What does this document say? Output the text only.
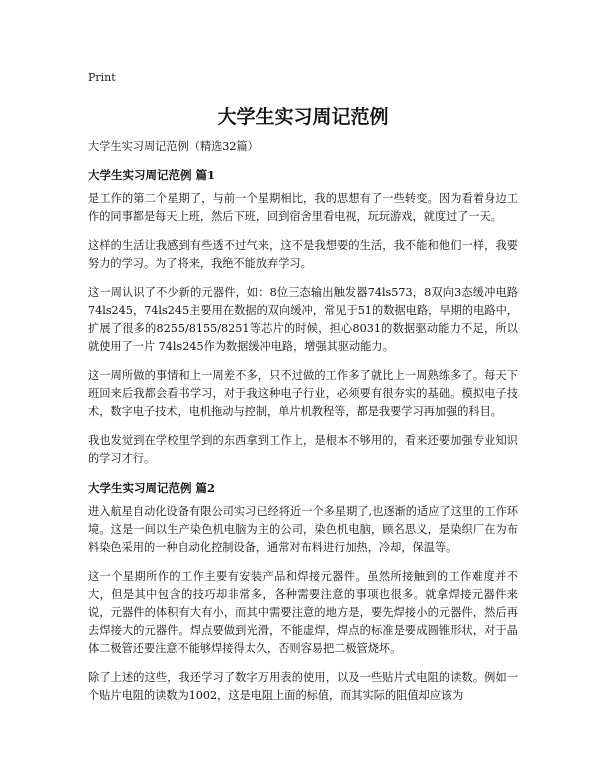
Print
大学生实习周记范例

大学生实习周记范例（精选32篇）

大学生实习周记范例 篇1

是工作的第二个星期了，与前一个星期相比，我的思想有了一些转变。因为看着身边工作的同事都是每天上班，然后下班，回到宿舍里看电视，玩玩游戏，就度过了一天。

这样的生活让我感到有些透不过气来，这不是我想要的生活，我不能和他们一样，我要努力的学习。为了将来，我绝不能放弃学习。

这一周认识了不少新的元器件，如：8位三态输出触发器74ls573，8双向3态缓冲电路74ls245，74ls245主要用在数据的双向缓冲，常见于51的数据电路，早期的电路中，扩展了很多的8255/8155/8251等芯片的时候，担心8031的数据驱动能力不足，所以就使用了一片 74ls245作为数据缓冲电路，增强其驱动能力。

这一周所做的事情和上一周差不多，只不过做的工作多了就比上一周熟练多了。每天下班回来后我都会看书学习，对于我这种电子行业，必须要有很夯实的基础。模拟电子技术，数字电子技术，电机拖动与控制，单片机教程等，都是我要学习再加强的科目。

我也发觉到在学校里学到的东西拿到工作上，是根本不够用的，看来还要加强专业知识的学习才行。

大学生实习周记范例 篇2

进入航星自动化设备有限公司实习已经将近一个多星期了,也逐渐的适应了这里的工作环境。这是一间以生产染色机电脑为主的公司，染色机电脑，顾名思义，是染织厂在为布料染色采用的一种自动化控制设备，通常对布料进行加热，冷却，保温等。

这一个星期所作的工作主要有安装产品和焊接元器件。虽然所接触到的工作难度并不大，但是其中包含的技巧却非常多，各种需要注意的事项也很多。就拿焊接元器件来说，元器件的体积有大有小，而其中需要注意的地方是，要先焊接小的元器件，然后再去焊接大的元器件。焊点要做到光滑，不能虚焊，焊点的标准是要成圆锥形状，对于晶体二极管还要注意不能够焊接得太久，否则容易把二极管烧坏。

除了上述的这些，我还学习了数字万用表的使用，以及一些贴片式电阻的读数。例如一个贴片电阻的读数为1002，这是电阻上面的标值，而其实际的阻值却应该为
